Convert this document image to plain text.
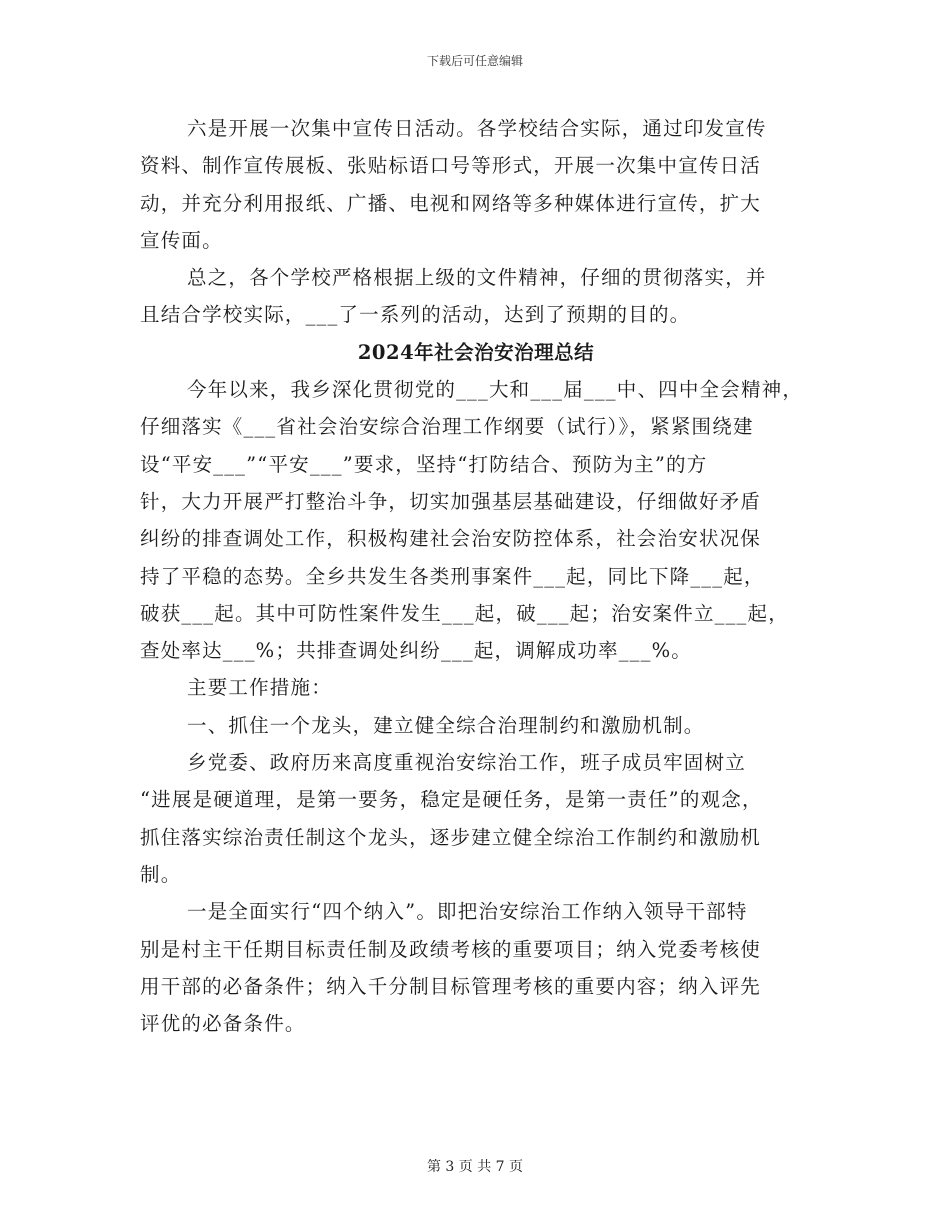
下载后可任意编辑
六是开展一次集中宣传日活动。各学校结合实际，通过印发宣传
资料、制作宣传展板、张贴标语口号等形式，开展一次集中宣传日活
动，并充分利用报纸、广播、电视和网络等多种媒体进行宣传，扩大
宣传面。
总之，各个学校严格根据上级的文件精神，仔细的贯彻落实，并
且结合学校实际，___了一系列的活动，达到了预期的目的。
2024年社会治安治理总结
今年以来，我乡深化贯彻党的___大和___届___中、四中全会精神，
仔细落实《___省社会治安综合治理工作纲要（试行）》，紧紧围绕建
设“平安___”“平安___”要求，坚持“打防结合、预防为主”的方
针，大力开展严打整治斗争，切实加强基层基础建设，仔细做好矛盾
纠纷的排查调处工作，积极构建社会治安防控体系，社会治安状况保
持了平稳的态势。全乡共发生各类刑事案件___起，同比下降___起，
破获___起。其中可防性案件发生___起，破___起；治安案件立___起，
查处率达___%；共排查调处纠纷___起，调解成功率___%。
主要工作措施：
一、抓住一个龙头，建立健全综合治理制约和激励机制。
乡党委、政府历来高度重视治安综治工作，班子成员牢固树立
“进展是硬道理，是第一要务，稳定是硬任务，是第一责任”的观念，
抓住落实综治责任制这个龙头，逐步建立健全综治工作制约和激励机
制。
一是全面实行“四个纳入”。即把治安综治工作纳入领导干部特
别是村主干任期目标责任制及政绩考核的重要项目；纳入党委考核使
用干部的必备条件；纳入千分制目标管理考核的重要内容；纳入评先
评优的必备条件。
第 3 页 共 7 页
